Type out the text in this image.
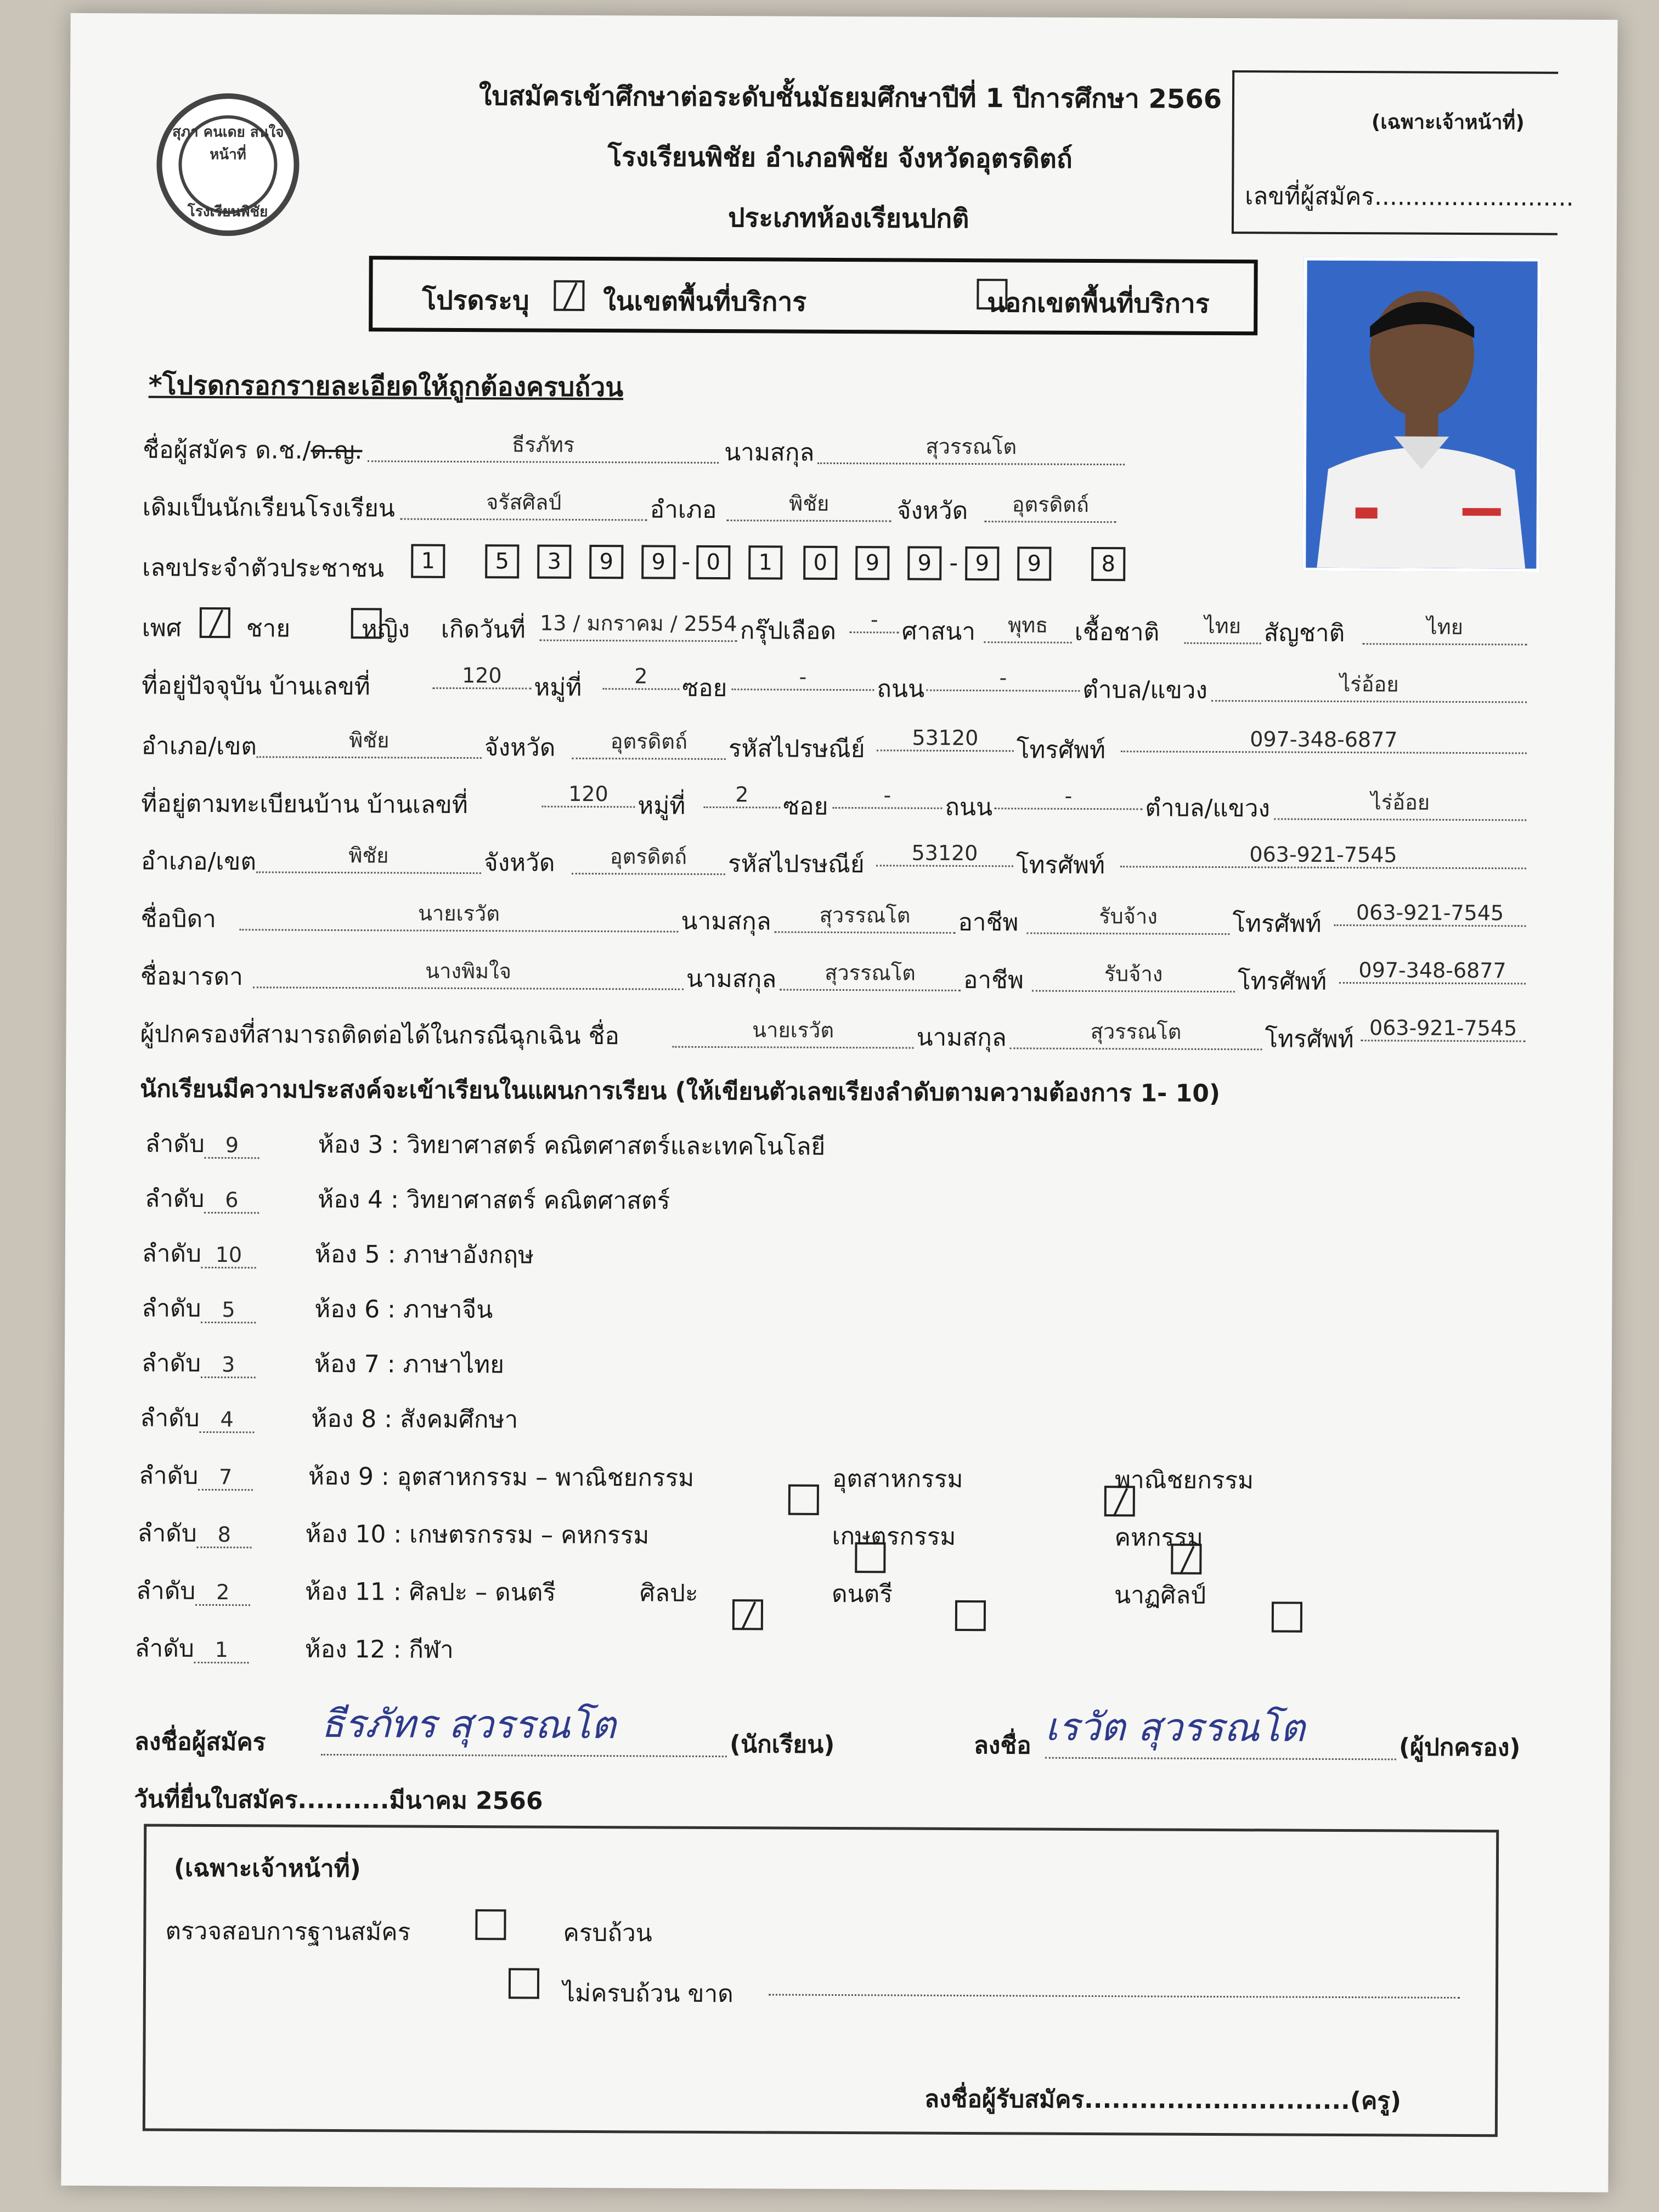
สุภา คนเดย สนใจหน้าที่
โรงเรียนพิชัย
ใบสมัครเข้าศึกษาต่อระดับชั้นมัธยมศึกษาปีที่ 1 ปีการศึกษา 2566
โรงเรียนพิชัย อำเภอพิชัย จังหวัดอุตรดิตถ์
ประเภทห้องเรียนปกติ
(เฉพาะเจ้าหน้าที่)
เลขที่ผู้สมัคร..........................
โปรดระบุ
	ในเขตพื้นที่บริการ	นอกเขตพื้นที่บริการ
*โปรดกรอกรายละเอียดให้ถูกต้องครบถ้วน
ชื่อผู้สมัคร ด.ช./ด.ญ.	ธีรภัทร	นามสกุล	สุวรรณโต
เดิมเป็นนักเรียนโรงเรียน	จรัสศิลป์	อำเภอ	พิชัย	จังหวัด	อุตรดิตถ์
เลขประจำตัวประชาชน	1	5	3	9	9 - 0	1	0	9	9 - 9	9	8
เพศ
	ชาย	หญิง เกิดวันที่ 13 / มกราคม / 2554 กรุ๊ปเลือด	- ศาสนา	พุทธ	เชื้อชาติ	ไทย สัญชาติ	ไทย
ที่อยู่ปัจจุบัน บ้านเลขที่	120	หมู่ที่	2	ซอย	-	ถนน	-	ตำบล/แขวง	ไร่อ้อย
อำเภอ/เขต	พิชัย	จังหวัด	อุตรดิตถ์	รหัสไปรษณีย์	53120	โทรศัพท์	097-348-6877
ที่อยู่ตามทะเบียนบ้าน บ้านเลขที่	120	หมู่ที่	2	ซอย	-	ถนน	-	ตำบล/แขวง	ไร่อ้อย
อำเภอ/เขต	พิชัย	จังหวัด	อุตรดิตถ์	รหัสไปรษณีย์	53120	โทรศัพท์	063-921-7545
ชื่อบิดา	นายเรวัต	นามสกุล	สุวรรณโต	อาชีพ	รับจ้าง	โทรศัพท์	063-921-7545
ชื่อมารดา	นางพิมใจ	นามสกุล	สุวรรณโต	อาชีพ	รับจ้าง	โทรศัพท์	097-348-6877
ผู้ปกครองที่สามารถติดต่อได้ในกรณีฉุกเฉิน ชื่อ	นายเรวัต	นามสกุล	สุวรรณโต	โทรศัพท์ 063-921-7545
นักเรียนมีความประสงค์จะเข้าเรียนในแผนการเรียน (ให้เขียนตัวเลขเรียงลำดับตามความต้องการ 1- 10)
ลำดับ 9	ห้อง 3 : วิทยาศาสตร์ คณิตศาสตร์และเทคโนโลยี
ลำดับ 6	ห้อง 4 : วิทยาศาสตร์ คณิตศาสตร์
ลำดับ 10	ห้อง 5 : ภาษาอังกฤษ
ลำดับ 5	ห้อง 6 : ภาษาจีน
ลำดับ 3	ห้อง 7 : ภาษาไทย
ลำดับ 4	ห้อง 8 : สังคมศึกษา
ลำดับ 7	ห้อง 9 : อุตสาหกรรม – พาณิชยกรรม
	อุตสาหกรรม
	พาณิชยกรรม
ลำดับ 8	ห้อง 10 : เกษตรกรรม – คหกรรม
	เกษตรกรรม
	คหกรรม
ลำดับ 2	ห้อง 11 : ศิลปะ – ดนตรี
	ศิลปะ
	ดนตรี	นาฏศิลป์
ลำดับ 1	ห้อง 12 : กีฬา
ลงชื่อผู้สมัคร ธีรภัทร สุวรรณโต	(นักเรียน)	ลงชื่อ เรวัต สุวรรณโต	(ผู้ปกครอง)
วันที่ยื่นใบสมัคร..........มีนาคม 2566
(เฉพาะเจ้าหน้าที่)
ตรวจสอบการฐานสมัคร
	ครบถ้วน
ไม่ครบถ้วน ขาด
ลงชื่อผู้รับสมัคร.............................(ครู)
